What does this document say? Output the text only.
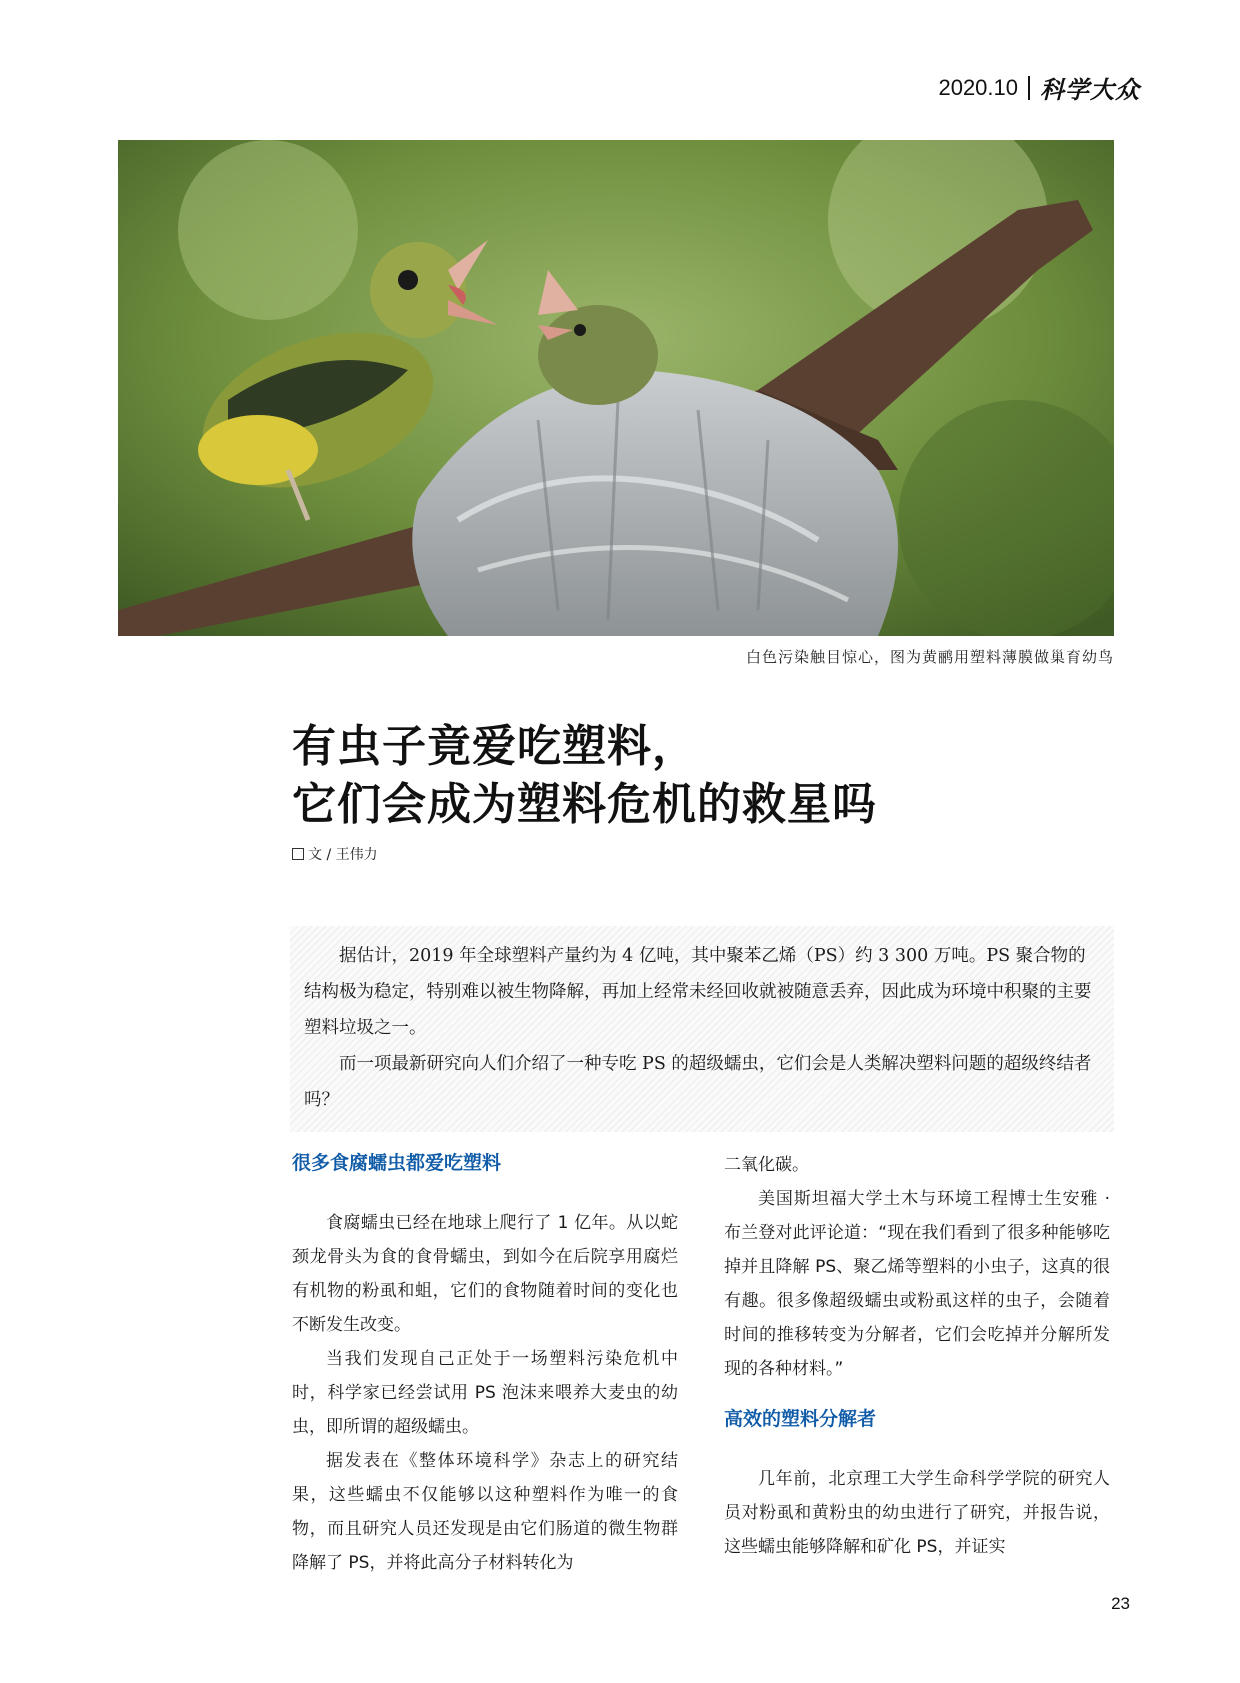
2020.10 科学大众
白色污染触目惊心，图为黄鹂用塑料薄膜做巢育幼鸟
有虫子竟爱吃塑料，
它们会成为塑料危机的救星吗
文 / 王伟力

据估计，2019 年全球塑料产量约为 4 亿吨，其中聚苯乙烯（PS）约 3 300 万吨。PS 聚合物的结构极为稳定，特别难以被生物降解，再加上经常未经回收就被随意丢弃，因此成为环境中积聚的主要塑料垃圾之一。

而一项最新研究向人们介绍了一种专吃 PS 的超级蠕虫，它们会是人类解决塑料问题的超级终结者吗？

很多食腐蠕虫都爱吃塑料

食腐蠕虫已经在地球上爬行了 1 亿年。从以蛇颈龙骨头为食的食骨蠕虫，到如今在后院享用腐烂有机物的粉虱和蛆，它们的食物随着时间的变化也不断发生改变。

当我们发现自己正处于一场塑料污染危机中时，科学家已经尝试用 PS 泡沫来喂养大麦虫的幼虫，即所谓的超级蠕虫。

据发表在《整体环境科学》杂志上的研究结果，这些蠕虫不仅能够以这种塑料作为唯一的食物，而且研究人员还发现是由它们肠道的微生物群降解了 PS，并将此高分子材料转化为

二氧化碳。

美国斯坦福大学土木与环境工程博士生安雅 · 布兰登对此评论道：“现在我们看到了很多种能够吃掉并且降解 PS、聚乙烯等塑料的小虫子，这真的很有趣。很多像超级蠕虫或粉虱这样的虫子，会随着时间的推移转变为分解者，它们会吃掉并分解所发现的各种材料。”

高效的塑料分解者

几年前，北京理工大学生命科学学院的研究人员对粉虱和黄粉虫的幼虫进行了研究，并报告说，这些蠕虫能够降解和矿化 PS，并证实

23
